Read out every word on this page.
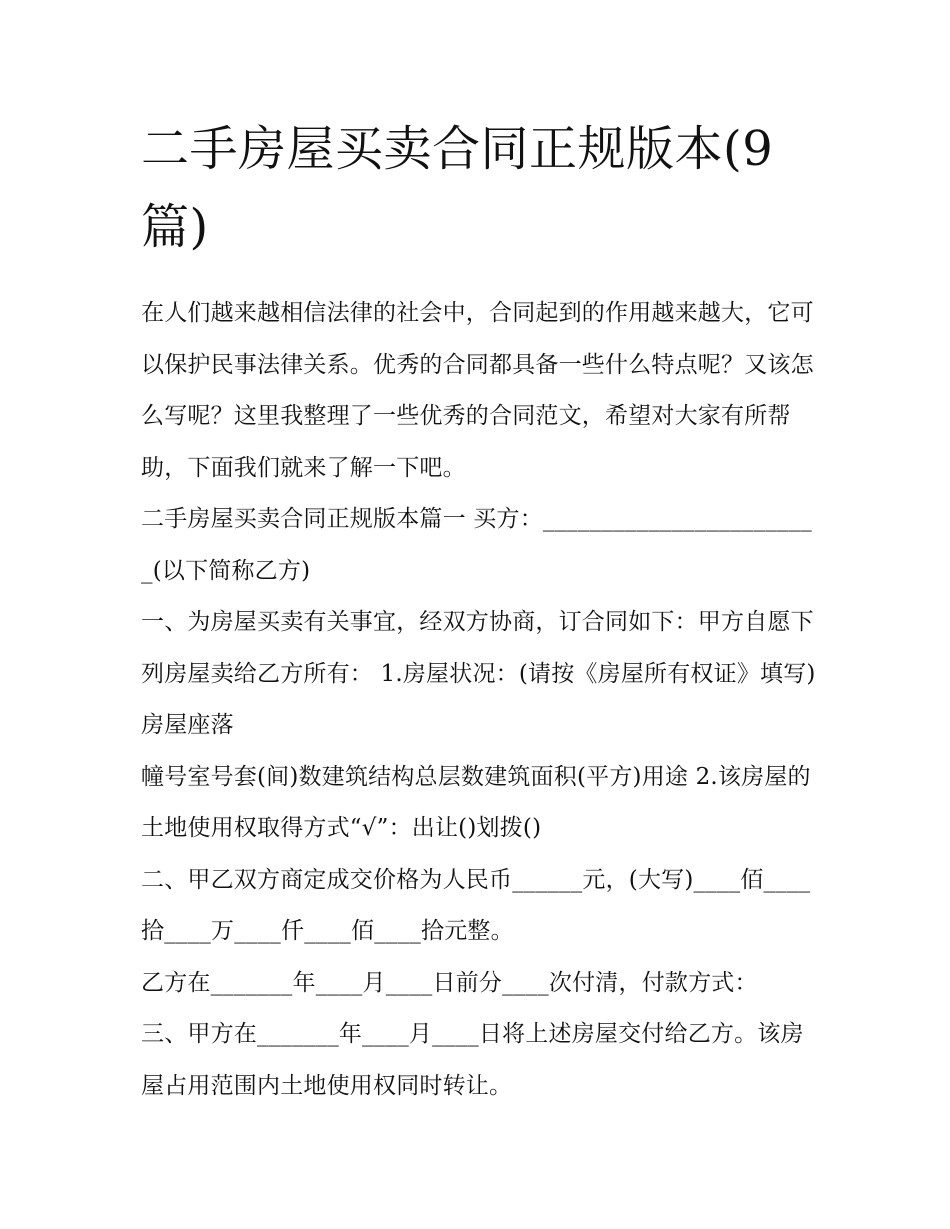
二手房屋买卖合同正规版本(9篇)

在人们越来越相信法律的社会中，合同起到的作用越来越大，它可以保护民事法律关系。优秀的合同都具备一些什么特点呢？又该怎么写呢？这里我整理了一些优秀的合同范文，希望对大家有所帮助，下面我们就来了解一下吧。

二手房屋买卖合同正规版本篇一 买方：________________________(以下简称乙方)

一、为房屋买卖有关事宜，经双方协商，订合同如下：甲方自愿下列房屋卖给乙方所有： 1.房屋状况：(请按《房屋所有权证》填写) 房屋座落

幢号室号套(间)数建筑结构总层数建筑面积(平方)用途 2.该房屋的土地使用权取得方式“√”：出让()划拨()

二、甲乙双方商定成交价格为人民币______元，(大写)____佰____拾____万____仟____佰____拾元整。

乙方在_______年____月____日前分____次付清，付款方式：

三、甲方在_______年____月____日将上述房屋交付给乙方。该房屋占用范围内土地使用权同时转让。
